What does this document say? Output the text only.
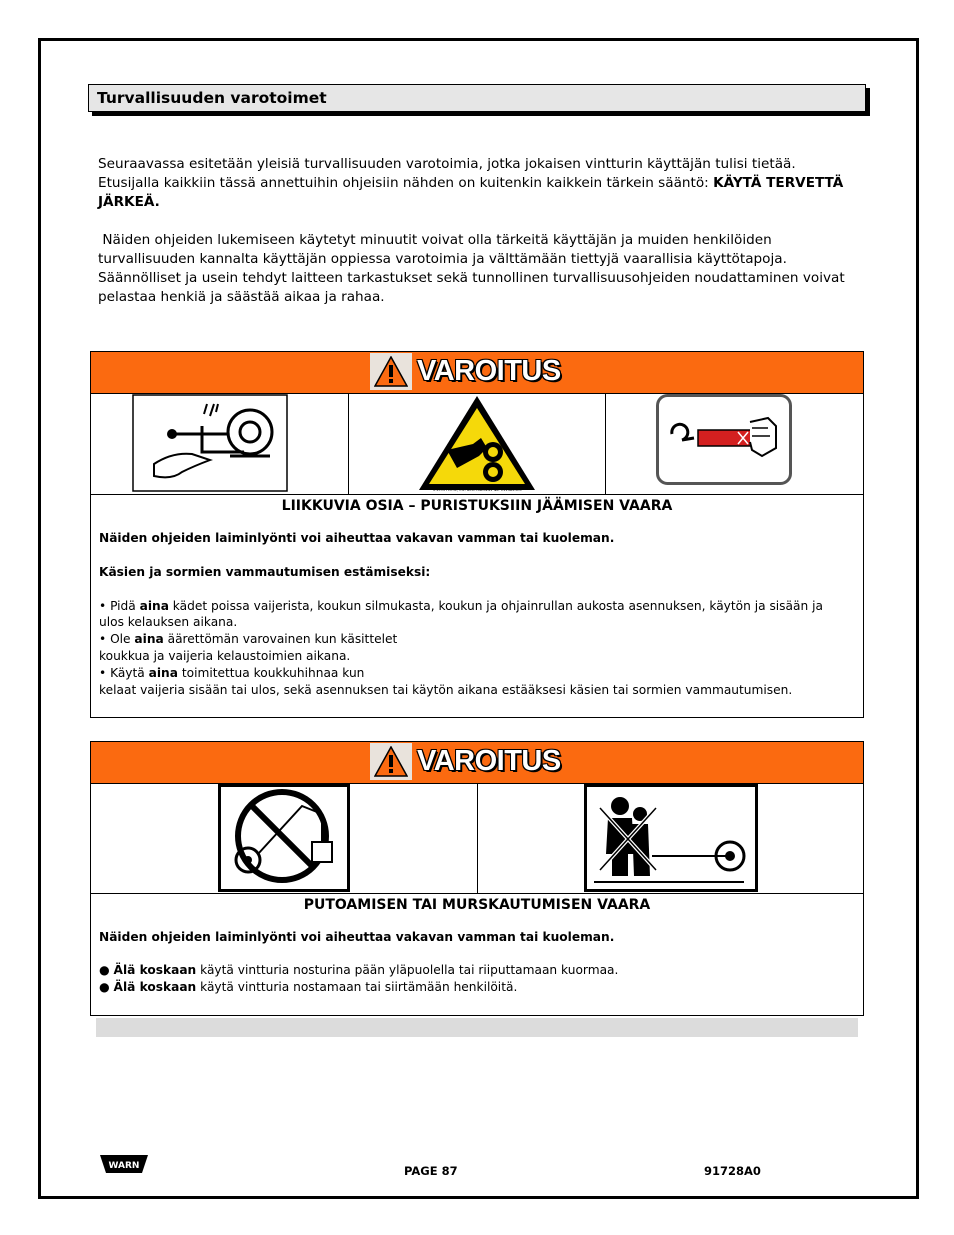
Turvallisuuden varotoimet
Seuraavassa esitetään yleisiä turvallisuuden varotoimia, jotka jokaisen vintturin käyttäjän tulisi tietää.
Etusijalla kaikkiin tässä annettuihin ohjeisiin nähden on kuitenkin kaikkein tärkein sääntö: KÄYTÄ TERVETTÄ
JÄRKEÄ.
Näiden ohjeiden lukemiseen käytetyt minuutit voivat olla tärkeitä käyttäjän ja muiden henkilöiden
turvallisuuden kannalta käyttäjän oppiessa varotoimia ja välttämään tiettyjä vaarallisia käyttötapoja.
Säännölliset ja usein tehdyt laitteen tarkastukset sekä tunnollinen turvallisuusohjeiden noudattaminen voivat
pelastaa henkiä ja säästää aikaa ja rahaa.
VAROITUS
©1995 H.C.S., Inc. 800-748-0241 No. 111383-0-0
LIIKKUVIA OSIA – PURISTUKSIIN JÄÄMISEN VAARA
Näiden ohjeiden laiminlyönti voi aiheuttaa vakavan vamman tai kuoleman.
Käsien ja sormien vammautumisen estämiseksi:
• Pidä aina kädet poissa vaijerista, koukun silmukasta, koukun ja ohjainrullan aukosta asennuksen, käytön ja sisään ja
ulos kelauksen aikana.
• Ole aina äärettömän varovainen kun käsittelet
koukkua ja vaijeria kelaustoimien aikana.
• Käytä aina toimitettua koukkuhihnaa kun
kelaat vaijeria sisään tai ulos, sekä asennuksen tai käytön aikana estääksesi käsien tai sormien vammautumisen.
VAROITUS
PUTOAMISEN TAI MURSKAUTUMISEN VAARA
Näiden ohjeiden laiminlyönti voi aiheuttaa vakavan vamman tai kuoleman.
● Älä koskaan käytä vintturia nosturina pään yläpuolella tai riiputtamaan kuormaa.
● Älä koskaan käytä vintturia nostamaan tai siirtämään henkilöitä.
WARN	PAGE 87	91728A0
